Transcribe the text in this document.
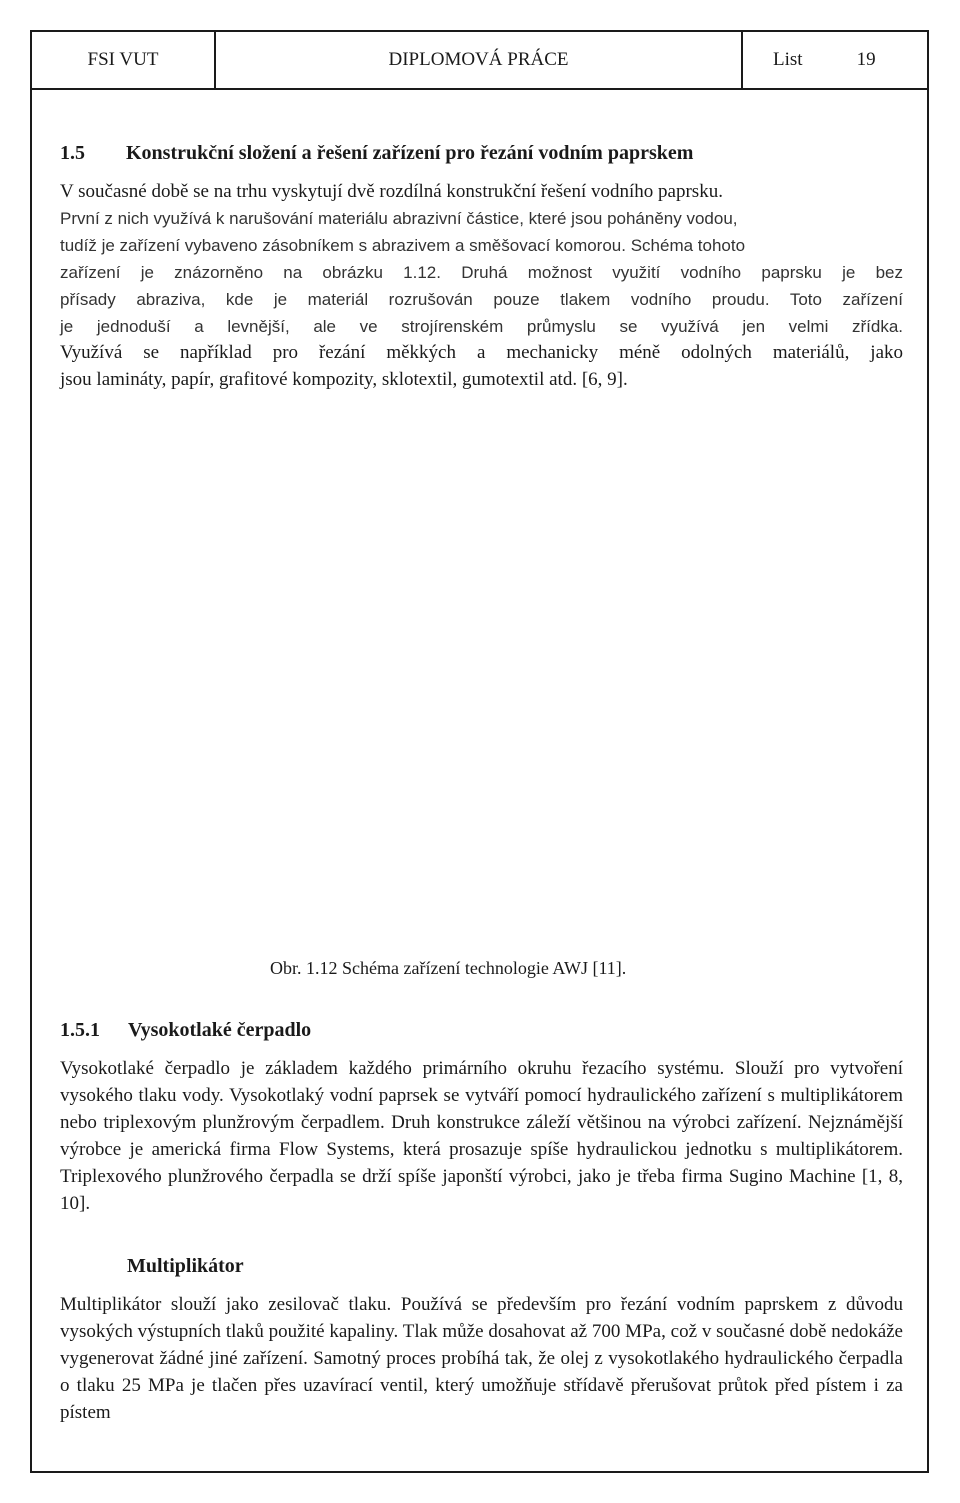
FSI VUT	DIPLOMOVÁ PRÁCE	List	19
1.5 Konstrukční složení a řešení zařízení pro řezání vodním paprskem
V současné době se na trhu vyskytují dvě rozdílná konstrukční řešení vodního paprsku.
První z nich využívá k narušování materiálu abrazivní částice, které jsou poháněny vodou,
tudíž je zařízení vybaveno zásobníkem s abrazivem a směšovací komorou. Schéma tohoto
zařízení je znázorněno na obrázku 1.12. Druhá možnost využití vodního paprsku je bez
přísady abraziva, kde je materiál rozrušován pouze tlakem vodního proudu. Toto zařízení
je jednoduší a levnější, ale ve strojírenském průmyslu se využívá jen velmi zřídka.
Využívá se například pro řezání měkkých a mechanicky méně odolných materiálů, jako
jsou lamináty, papír, grafitové kompozity, sklotextil, gumotextil atd. [6, 9].
Obr. 1.12 Schéma zařízení technologie AWJ [11].
1.5.1 Vysokotlaké čerpadlo

Vysokotlaké čerpadlo je základem každého primárního okruhu řezacího systému. Slouží pro vytvoření vysokého tlaku vody. Vysokotlaký vodní paprsek se vytváří pomocí hydraulického zařízení s multiplikátorem nebo triplexovým plunžrovým čerpadlem. Druh konstrukce záleží většinou na výrobci zařízení. Nejznámější výrobce je americká firma Flow Systems, která prosazuje spíše hydraulickou jednotku s multiplikátorem. Triplexového plunžrového čerpadla se drží spíše japonští výrobci, jako je třeba firma Sugino Machine [1, 8, 10].

Multiplikátor

Multiplikátor slouží jako zesilovač tlaku. Používá se především pro řezání vodním paprskem z důvodu vysokých výstupních tlaků použité kapaliny. Tlak může dosahovat až 700 MPa, což v současné době nedokáže vygenerovat žádné jiné zařízení. Samotný proces probíhá tak, že olej z vysokotlakého hydraulického čerpadla o tlaku 25 MPa je tlačen přes uzavírací ventil, který umožňuje střídavě přerušovat průtok před pístem i za pístem
